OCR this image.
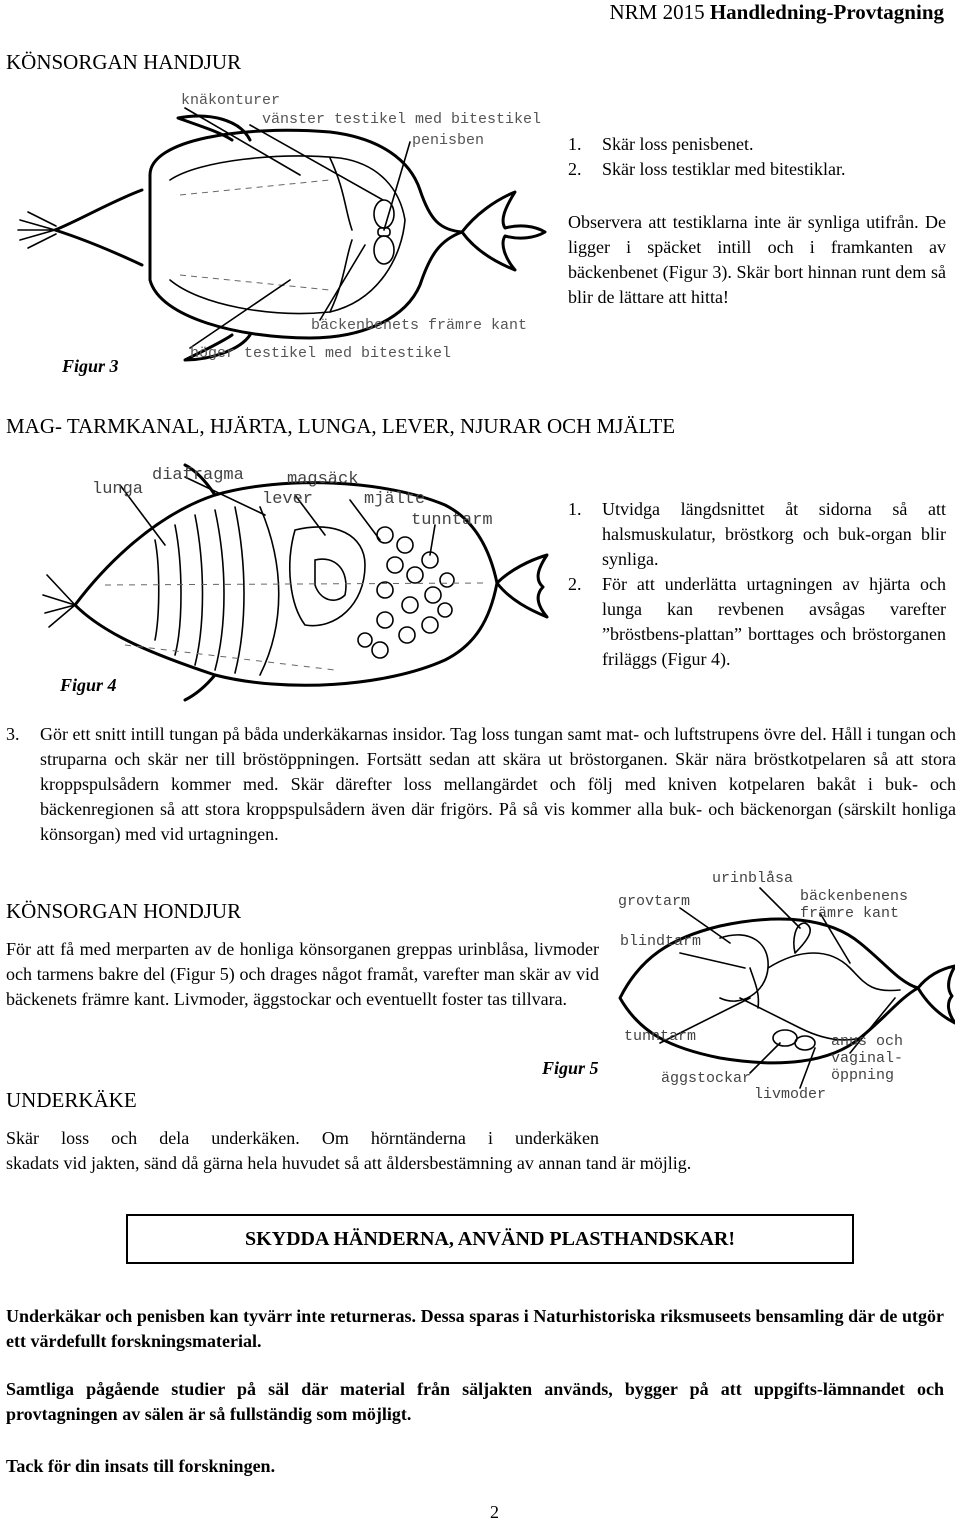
NRM 2015 Handledning-Provtagning
KÖNSORGAN HANDJUR
knäkonturer
vänster testikel med bitestikel
penisben
bäckenbenets främre kant
höger testikel med bitestikel
Figur 3
1. Skär loss penisbenet.
2. Skär loss testiklar med bitestiklar.
Observera att testiklarna inte är synliga utifrån. De ligger i späcket intill och i framkanten av bäckenbenet (Figur 3). Skär bort hinnan runt dem så blir de lättare att hitta!
MAG- TARMKANAL, HJÄRTA, LUNGA, LEVER, NJURAR OCH MJÄLTE
lunga
diafragma	magsäck
lever	mjälte
tunntarm
Figur 4
1. Utvidga längdsnittet åt sidorna så att halsmuskulatur, bröstkorg och buk-organ blir synliga.
2. För att underlätta urtagningen av hjärta och lunga kan revbenen avsågas varefter ”bröstbens-plattan” borttages och bröstorganen friläggs (Figur 4).
3. Gör ett snitt intill tungan på båda underkäkarnas insidor. Tag loss tungan samt mat- och luftstrupens övre del. Håll i tungan och struparna och skär ner till bröstöppningen. Fortsätt sedan att skära ut bröstorganen. Skär nära bröstkotpelaren så att stora kroppspulsådern kommer med. Skär därefter loss mellangärdet och följ med kniven kotpelaren bakåt i buk- och bäckenregionen så att stora kroppspulsådern även där frigörs. På så vis kommer alla buk- och bäckenorgan (särskilt honliga könsorgan) med vid urtagningen.
KÖNSORGAN HONDJUR
För att få med merparten av de honliga könsorganen greppas urinblåsa, livmoder och tarmens bakre del (Figur 5) och drages något framåt, varefter man skär av vid bäckenets främre kant. Livmoder, äggstockar och eventuellt foster tas tillvara.
Figur 5
urinblåsa
grovtarm	bäckenbenens
främre kant
blindtarm
tunntarm	anus och
vaginal-
öppning
äggstockar
livmoder
UNDERKÄKE
Skär loss och dela underkäken. Om hörntänderna i underkäken
skadats vid jakten, sänd då gärna hela huvudet så att åldersbestämning av annan tand är möjlig.
SKYDDA HÄNDERNA, ANVÄND PLASTHANDSKAR!
Underkäkar och penisben kan tyvärr inte returneras. Dessa sparas i Naturhistoriska riksmuseets bensamling där de utgör ett värdefullt forskningsmaterial.
Samtliga pågående studier på säl där material från säljakten används, bygger på att uppgifts-lämnandet och provtagningen av sälen är så fullständig som möjligt.
Tack för din insats till forskningen.
2
